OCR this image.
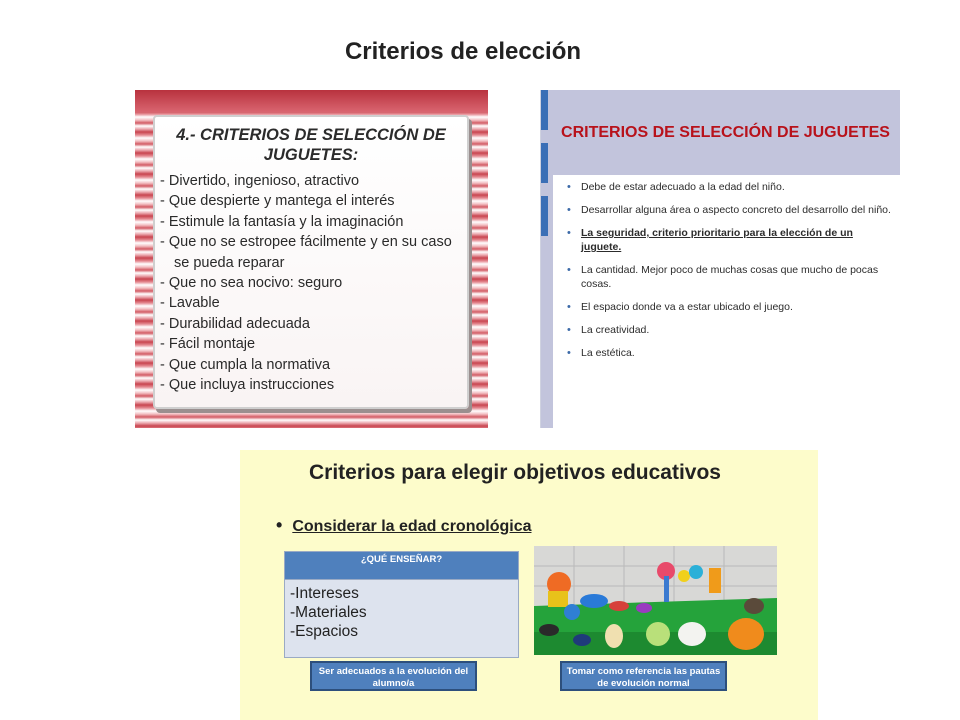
Criterios de elección
4.- CRITERIOS DE SELECCIÓN DE JUGUETES:
- Divertido, ingenioso, atractivo
- Que despierte y mantega el interés
- Estimule la fantasía y la imaginación
- Que no se estropee fácilmente y en su caso
se pueda reparar
- Que no sea nocivo: seguro
- Lavable
- Durabilidad adecuada
- Fácil montaje
- Que cumpla la normativa
- Que incluya instrucciones
CRITERIOS DE SELECCIÓN DE JUGUETES
• Debe de estar adecuado a la edad del niño.
• Desarrollar alguna área o aspecto concreto del desarrollo del niño.
• La seguridad, criterio prioritario para la elección de un juguete.
• La cantidad. Mejor poco de muchas cosas que mucho de pocas cosas.
• El espacio donde va a estar ubicado el juego.
• La creatividad.
• La estética.
Criterios para elegir objetivos educativos
• Considerar la edad cronológica
¿QUÉ ENSEÑAR?
-Intereses
-Materiales
-Espacios
Ser adecuados a la evolución del alumno/a
Tomar como referencia las pautas de evolución normal
